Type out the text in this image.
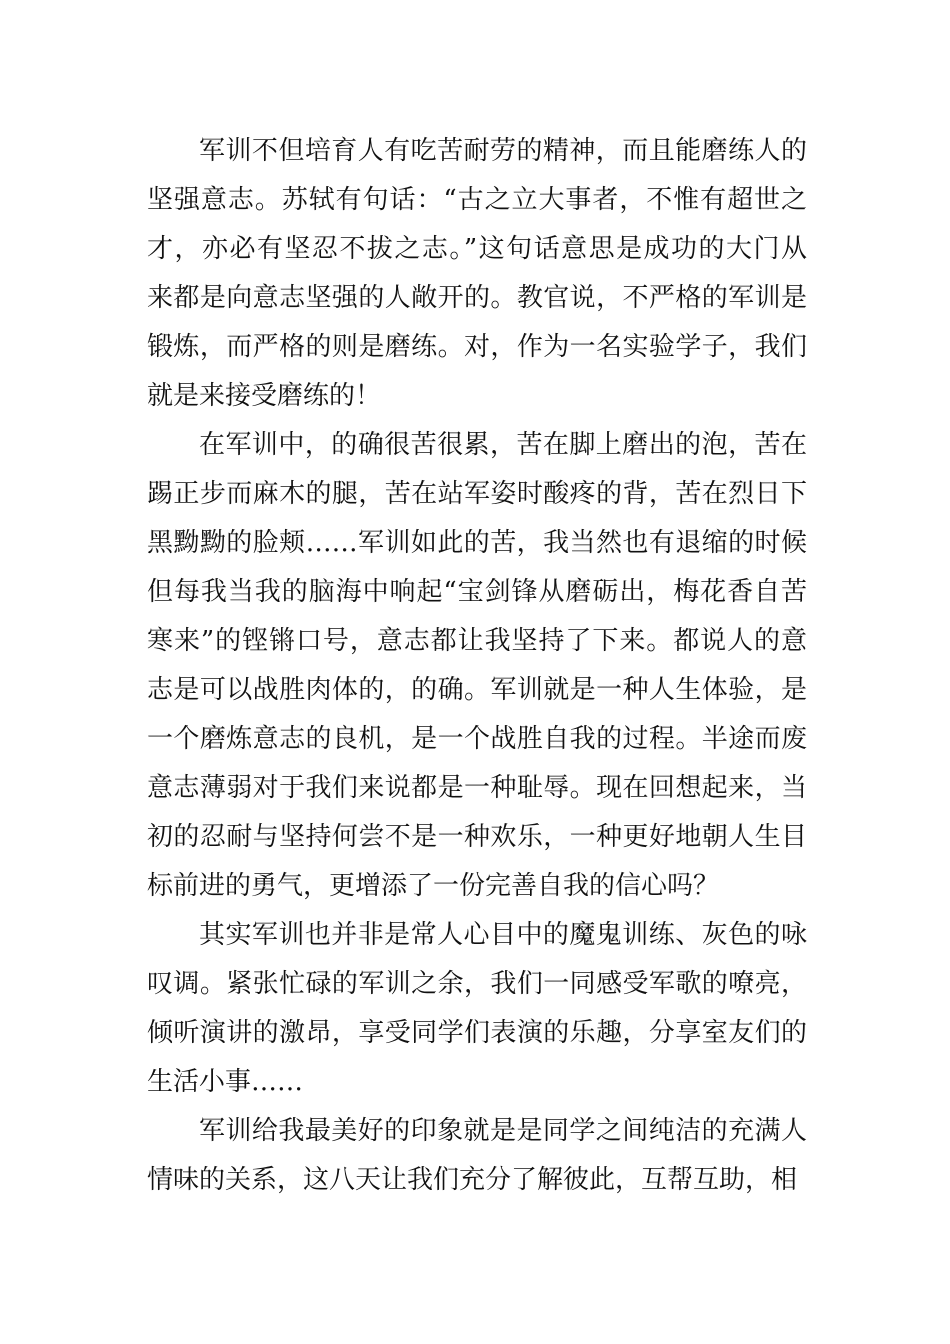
军训不但培育人有吃苦耐劳的精神，而且能磨练人的
坚强意志。苏轼有句话：“古之立大事者，不惟有超世之
才，亦必有坚忍不拔之志。”这句话意思是成功的大门从
来都是向意志坚强的人敞开的。教官说，不严格的军训是
锻炼，而严格的则是磨练。对，作为一名实验学子，我们
就是来接受磨练的！
在军训中，的确很苦很累，苦在脚上磨出的泡，苦在
踢正步而麻木的腿，苦在站军姿时酸疼的背，苦在烈日下
黑黝黝的脸颊……军训如此的苦，我当然也有退缩的时候
但每我当我的脑海中响起“宝剑锋从磨砺出，梅花香自苦
寒来”的铿锵口号，意志都让我坚持了下来。都说人的意
志是可以战胜肉体的，的确。军训就是一种人生体验，是
一个磨炼意志的良机，是一个战胜自我的过程。半途而废
意志薄弱对于我们来说都是一种耻辱。现在回想起来，当
初的忍耐与坚持何尝不是一种欢乐，一种更好地朝人生目
标前进的勇气，更增添了一份完善自我的信心吗？
其实军训也并非是常人心目中的魔鬼训练、灰色的咏
叹调。紧张忙碌的军训之余，我们一同感受军歌的嘹亮，
倾听演讲的激昂，享受同学们表演的乐趣，分享室友们的
生活小事……
军训给我最美好的印象就是是同学之间纯洁的充满人
情味的关系，这八天让我们充分了解彼此，互帮互助，相
